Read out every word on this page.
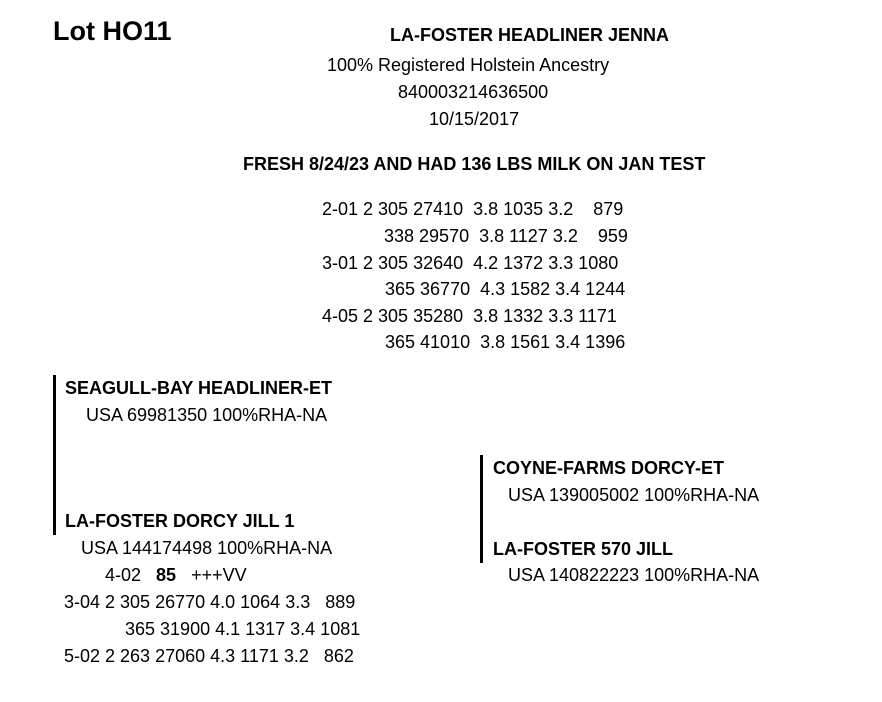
Lot HO11	LA-FOSTER HEADLINER JENNA
100% Registered Holstein Ancestry
840003214636500
10/15/2017
FRESH 8/24/23 AND HAD 136 LBS MILK ON JAN TEST
2-01 2 305 27410  3.8 1035 3.2    879
338 29570  3.8 1127 3.2    959
3-01 2 305 32640  4.2 1372 3.3 1080
365 36770  4.3 1582 3.4 1244
4-05 2 305 35280  3.8 1332 3.3 1171
365 41010  3.8 1561 3.4 1396
SEAGULL-BAY HEADLINER-ET
USA 69981350 100%RHA-NA
LA-FOSTER DORCY JILL 1
USA 144174498 100%RHA-NA
4-02 85 +++VV
3-04 2 305 26770 4.0 1064 3.3   889
365 31900 4.1 1317 3.4 1081
5-02 2 263 27060 4.3 1171 3.2   862
COYNE-FARMS DORCY-ET
USA 139005002 100%RHA-NA
LA-FOSTER 570 JILL
USA 140822223 100%RHA-NA
